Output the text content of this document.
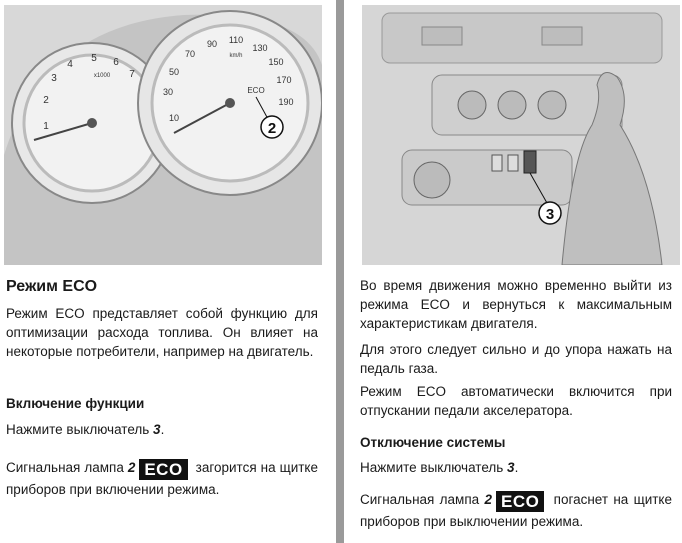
1
2
3
4
5 6
7
x1000
10
30
50
70
90 110
130
150
170
190
km/h
ECO
2
Режим ECO
Режим ECO представляет собой функцию для оптимизации расхода топлива. Он влияет на некоторые потребители, например на двигатель.
Включение функции
Нажмите выключатель 3.
Сигнальная лампа 2 ECO загорится на щитке приборов при включении режима.
3
Во время движения можно временно выйти из режима ECO и вернуться к максимальным характеристикам двигателя.
Для этого следует сильно и до упора нажать на педаль газа.
Режим ECO автоматически включится при отпускании педали акселератора.
Отключение системы
Нажмите выключатель 3.
Сигнальная лампа 2 ECO погаснет на щитке приборов при выключении режима.
